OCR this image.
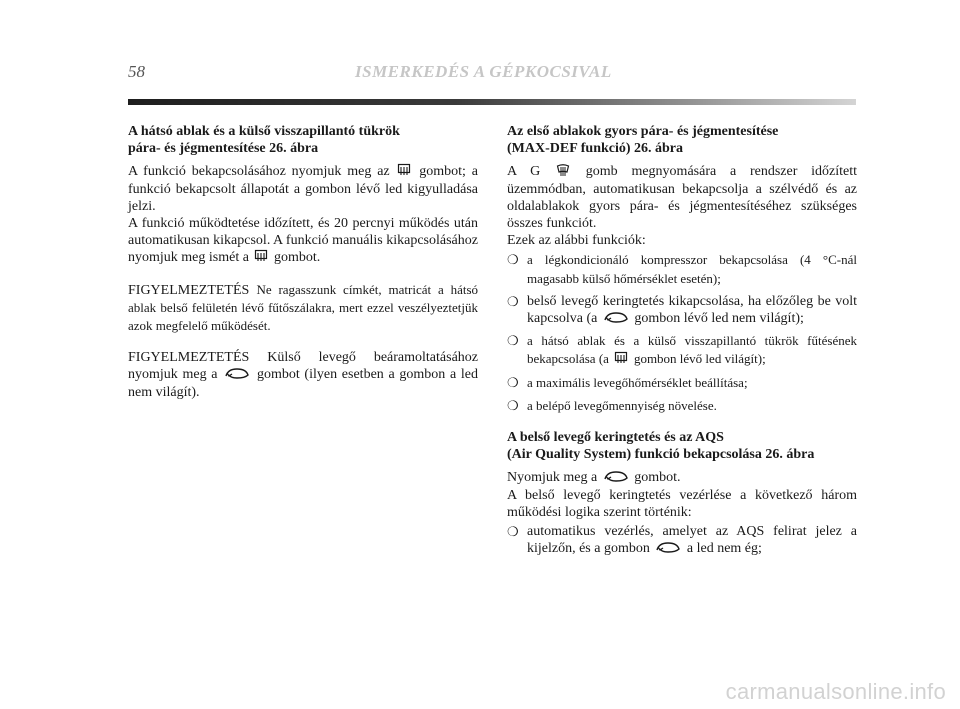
58	ISMERKEDÉS A GÉPKOCSIVAL
A hátsó ablak és a külső visszapillantó tükrök
pára- és jégmentesítése 26. ábra

A funkció bekapcsolásához nyomjuk meg az gombot; a funkció bekapcsolt állapotát a gombon lévő led kigyulladása jelzi.

A funkció működtetése időzített, és 20 percnyi működés után automatikusan kikapcsol. A funkció manuális kikapcsolásához nyomjuk meg ismét a gombot.

FIGYELMEZTETÉS Ne ragasszunk címkét, matricát a hátsó ablak belső felületén lévő fűtőszálakra, mert ezzel veszélyeztetjük azok megfelelő működését.

FIGYELMEZTETÉS Külső levegő beáramoltatásához nyomjuk meg a	gombot (ilyen esetben a gombon a led nem világít).

Az első ablakok gyors pára- és jégmentesítése
(MAX-DEF funkció) 26. ábra

A G	gomb megnyomására a rendszer időzített üzemmódban, automatikusan bekapcsolja a szélvédő és az oldalablakok gyors pára- és jégmentesítéséhez szükséges összes funkciót.

Ezek az alábbi funkciók:

❍ a légkondicionáló kompresszor bekapcsolása (4 °C-nál magasabb külső hőmérséklet esetén);
❍ belső levegő keringtetés kikapcsolása, ha előzőleg be volt kapcsolva (a	gombon lévő led nem világít);
❍ a hátsó ablak és a külső visszapillantó tükrök fűtésének bekapcsolása (a gombon lévő led világít);
❍ a maximális levegőhőmérséklet beállítása;
❍ a belépő levegőmennyiség növelése.
A belső levegő keringtetés és az AQS
(Air Quality System) funkció bekapcsolása 26. ábra

Nyomjuk meg a	gombot.

A belső levegő keringtetés vezérlése a következő három működési logika szerint történik:

❍ automatikus vezérlés, amelyet az AQS felirat jelez a kijelzőn, és a gombon	a led nem ég;
carmanualsonline.info
